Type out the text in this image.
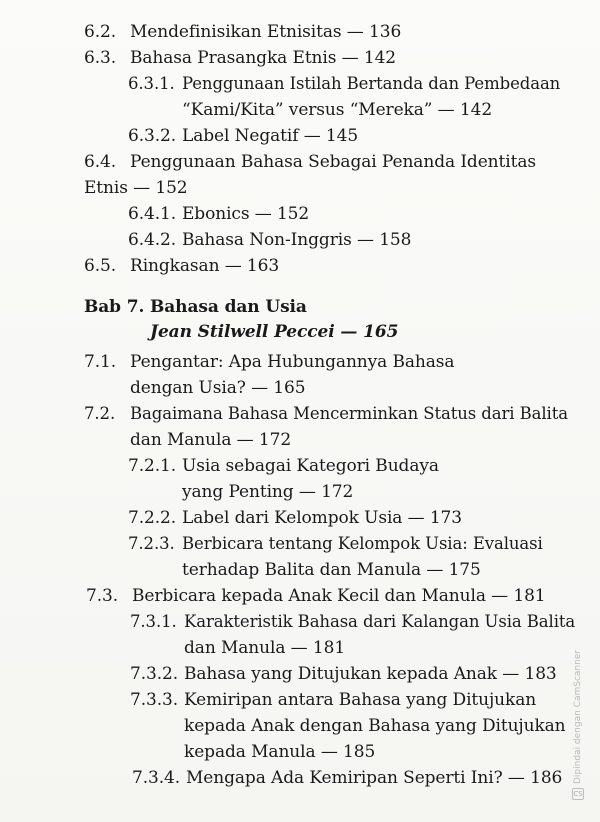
6.2. Mendefinisikan Etnisitas — 136
6.3. Bahasa Prasangka Etnis — 142
6.3.1. Penggunaan Istilah Bertanda dan Pembedaan
“Kami/Kita” versus “Mereka” — 142
6.3.2. Label Negatif — 145
6.4. Penggunaan Bahasa Sebagai Penanda Identitas
Etnis — 152
6.4.1. Ebonics — 152
6.4.2. Bahasa Non-Inggris — 158
6.5. Ringkasan — 163
Bab 7. Bahasa dan Usia
Jean Stilwell Peccei — 165
7.1. Pengantar: Apa Hubungannya Bahasa
dengan Usia? — 165
7.2. Bagaimana Bahasa Mencerminkan Status dari Balita
dan Manula — 172
7.2.1. Usia sebagai Kategori Budaya
yang Penting — 172
7.2.2. Label dari Kelompok Usia — 173
7.2.3. Berbicara tentang Kelompok Usia: Evaluasi
terhadap Balita dan Manula — 175
7.3. Berbicara kepada Anak Kecil dan Manula — 181
7.3.1. Karakteristik Bahasa dari Kalangan Usia Balita
dan Manula — 181
7.3.2. Bahasa yang Ditujukan kepada Anak — 183
7.3.3. Kemiripan antara Bahasa yang Ditujukan
kepada Anak dengan Bahasa yang Ditujukan
kepada Manula — 185
7.3.4. Mengapa Ada Kemiripan Seperti Ini? — 186
CS
Dipindai dengan CamScanner
